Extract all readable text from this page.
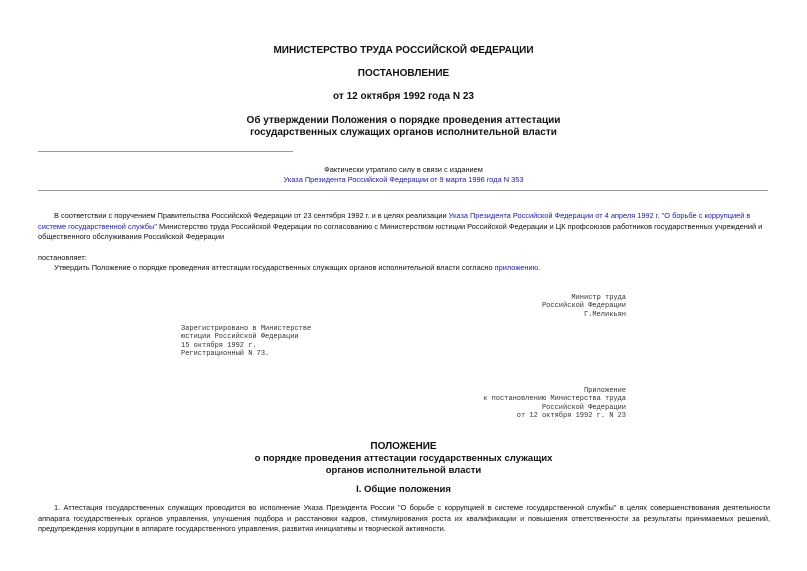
МИНИСТЕРСТВО ТРУДА РОССИЙСКОЙ ФЕДЕРАЦИИ
ПОСТАНОВЛЕНИЕ
от 12 октября 1992 года N 23
Об утверждении Положения о порядке проведения аттестации
государственных служащих органов исполнительной власти
Фактически утратило силу в связи с изданием
Указа Президента Российской Федерации от 9 марта 1996 года N 353

В соответствии с поручением Правительства Российской Федерации от 23 сентября 1992 г. и в целях реализации Указа Президента Российской Федерации от 4 апреля 1992 г. "О борьбе с коррупцией в системе государственной службы" Министерство труда Российской Федерации по согласованию с Министерством юстиции Российской Федерации и ЦК профсоюзов работников государственных учреждений и общественного обслуживания Российской Федерации

постановляет:

Утвердить Положение о порядке проведения аттестации государственных служащих органов исполнительной власти согласно приложению.

Министр труда
Российской Федерации
Г.Меликьян
Зарегистрировано в Министерстве
юстиции Российской Федерации
15 октября 1992 г.
Регистрационный N 73.
Приложение
к постановлению Министерства труда
Российской Федерации
от 12 октября 1992 г. N 23
ПОЛОЖЕНИЕ
о порядке проведения аттестации государственных служащих
органов исполнительной власти
I. Общие положения

1. Аттестация государственных служащих проводится во исполнение Указа Президента России "О борьбе с коррупцией в системе государственной службы" в целях совершенствования деятельности аппарата государственных органов управления, улучшения подбора и расстановки кадров, стимулирования роста их квалификации и повышения ответственности за результаты принимаемых решений, предупреждения коррупции в аппарате государственного управления, развития инициативы и творческой активности.
